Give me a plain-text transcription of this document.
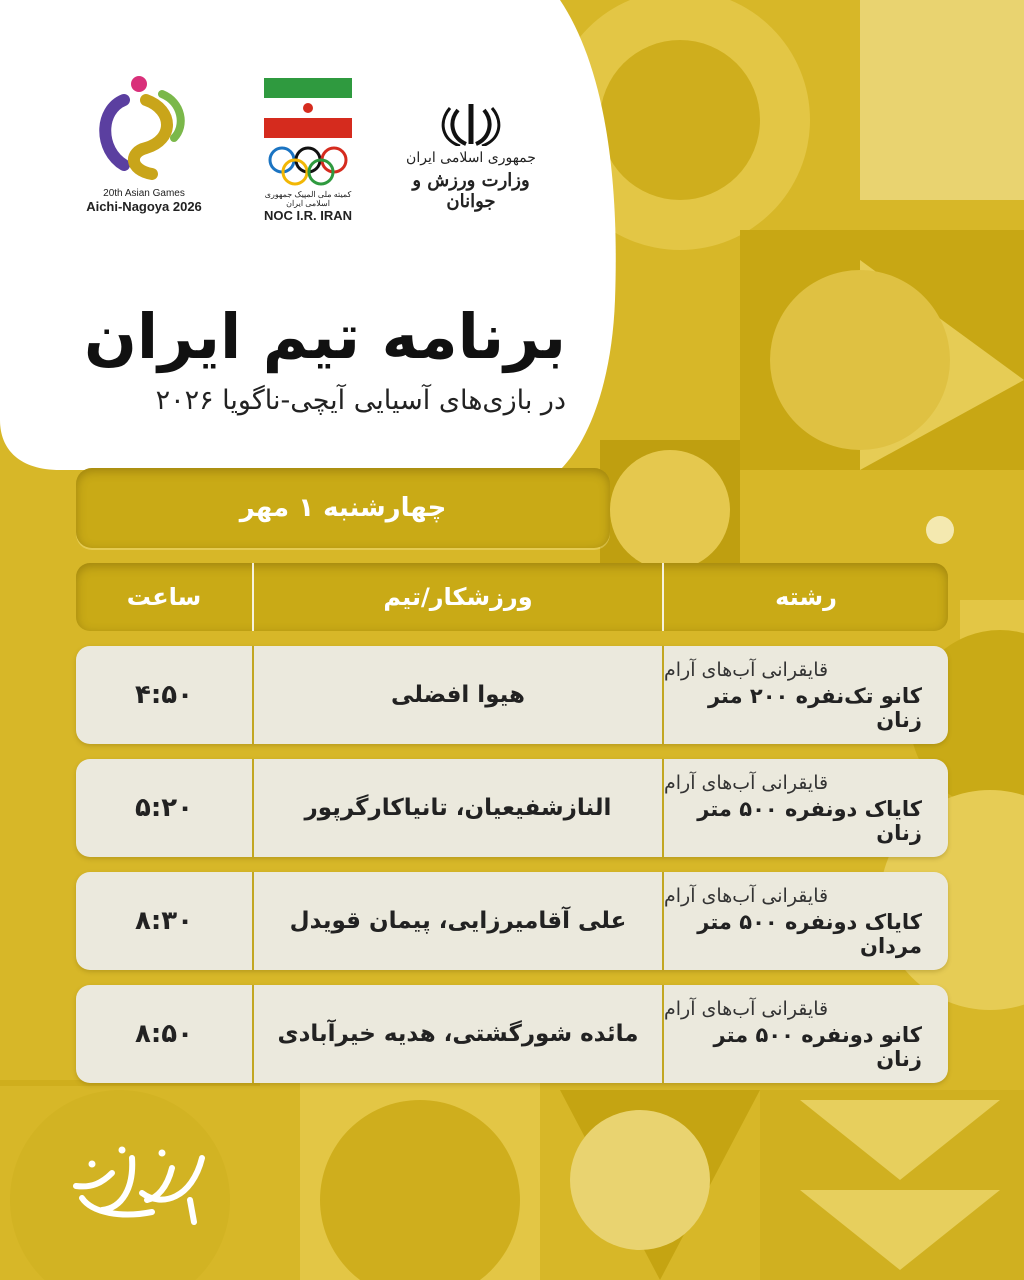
20th Asian Games
Aichi-Nagoya 2026
کمیته ملی المپیک جمهوری اسلامی ایران
NOC I.R. IRAN
جمهوری اسلامی ایران
وزارت ورزش و جوانان
برنامه تیم ایران
در بازی‌های آسیایی آیچی-ناگویا ۲۰۲۶
چهارشنبه ۱ مهر
ساعت	ورزشکار/تیم	رشته
۴:۵۰	هیوا افضلی
قایقرانی آب‌های آرام
کانو تک‌نفره ۲۰۰ متر زنان
۵:۲۰	النازشفیعیان، تانیاکارگرپور
قایقرانی آب‌های آرام
کایاک دونفره ۵۰۰ متر زنان
۸:۳۰	علی آقامیرزایی، پیمان قویدل
قایقرانی آب‌های آرام
کایاک دونفره ۵۰۰ متر مردان
۸:۵۰	مائده شورگشتی، هدیه خیرآبادی
قایقرانی آب‌های آرام
کانو دونفره ۵۰۰ متر زنان
